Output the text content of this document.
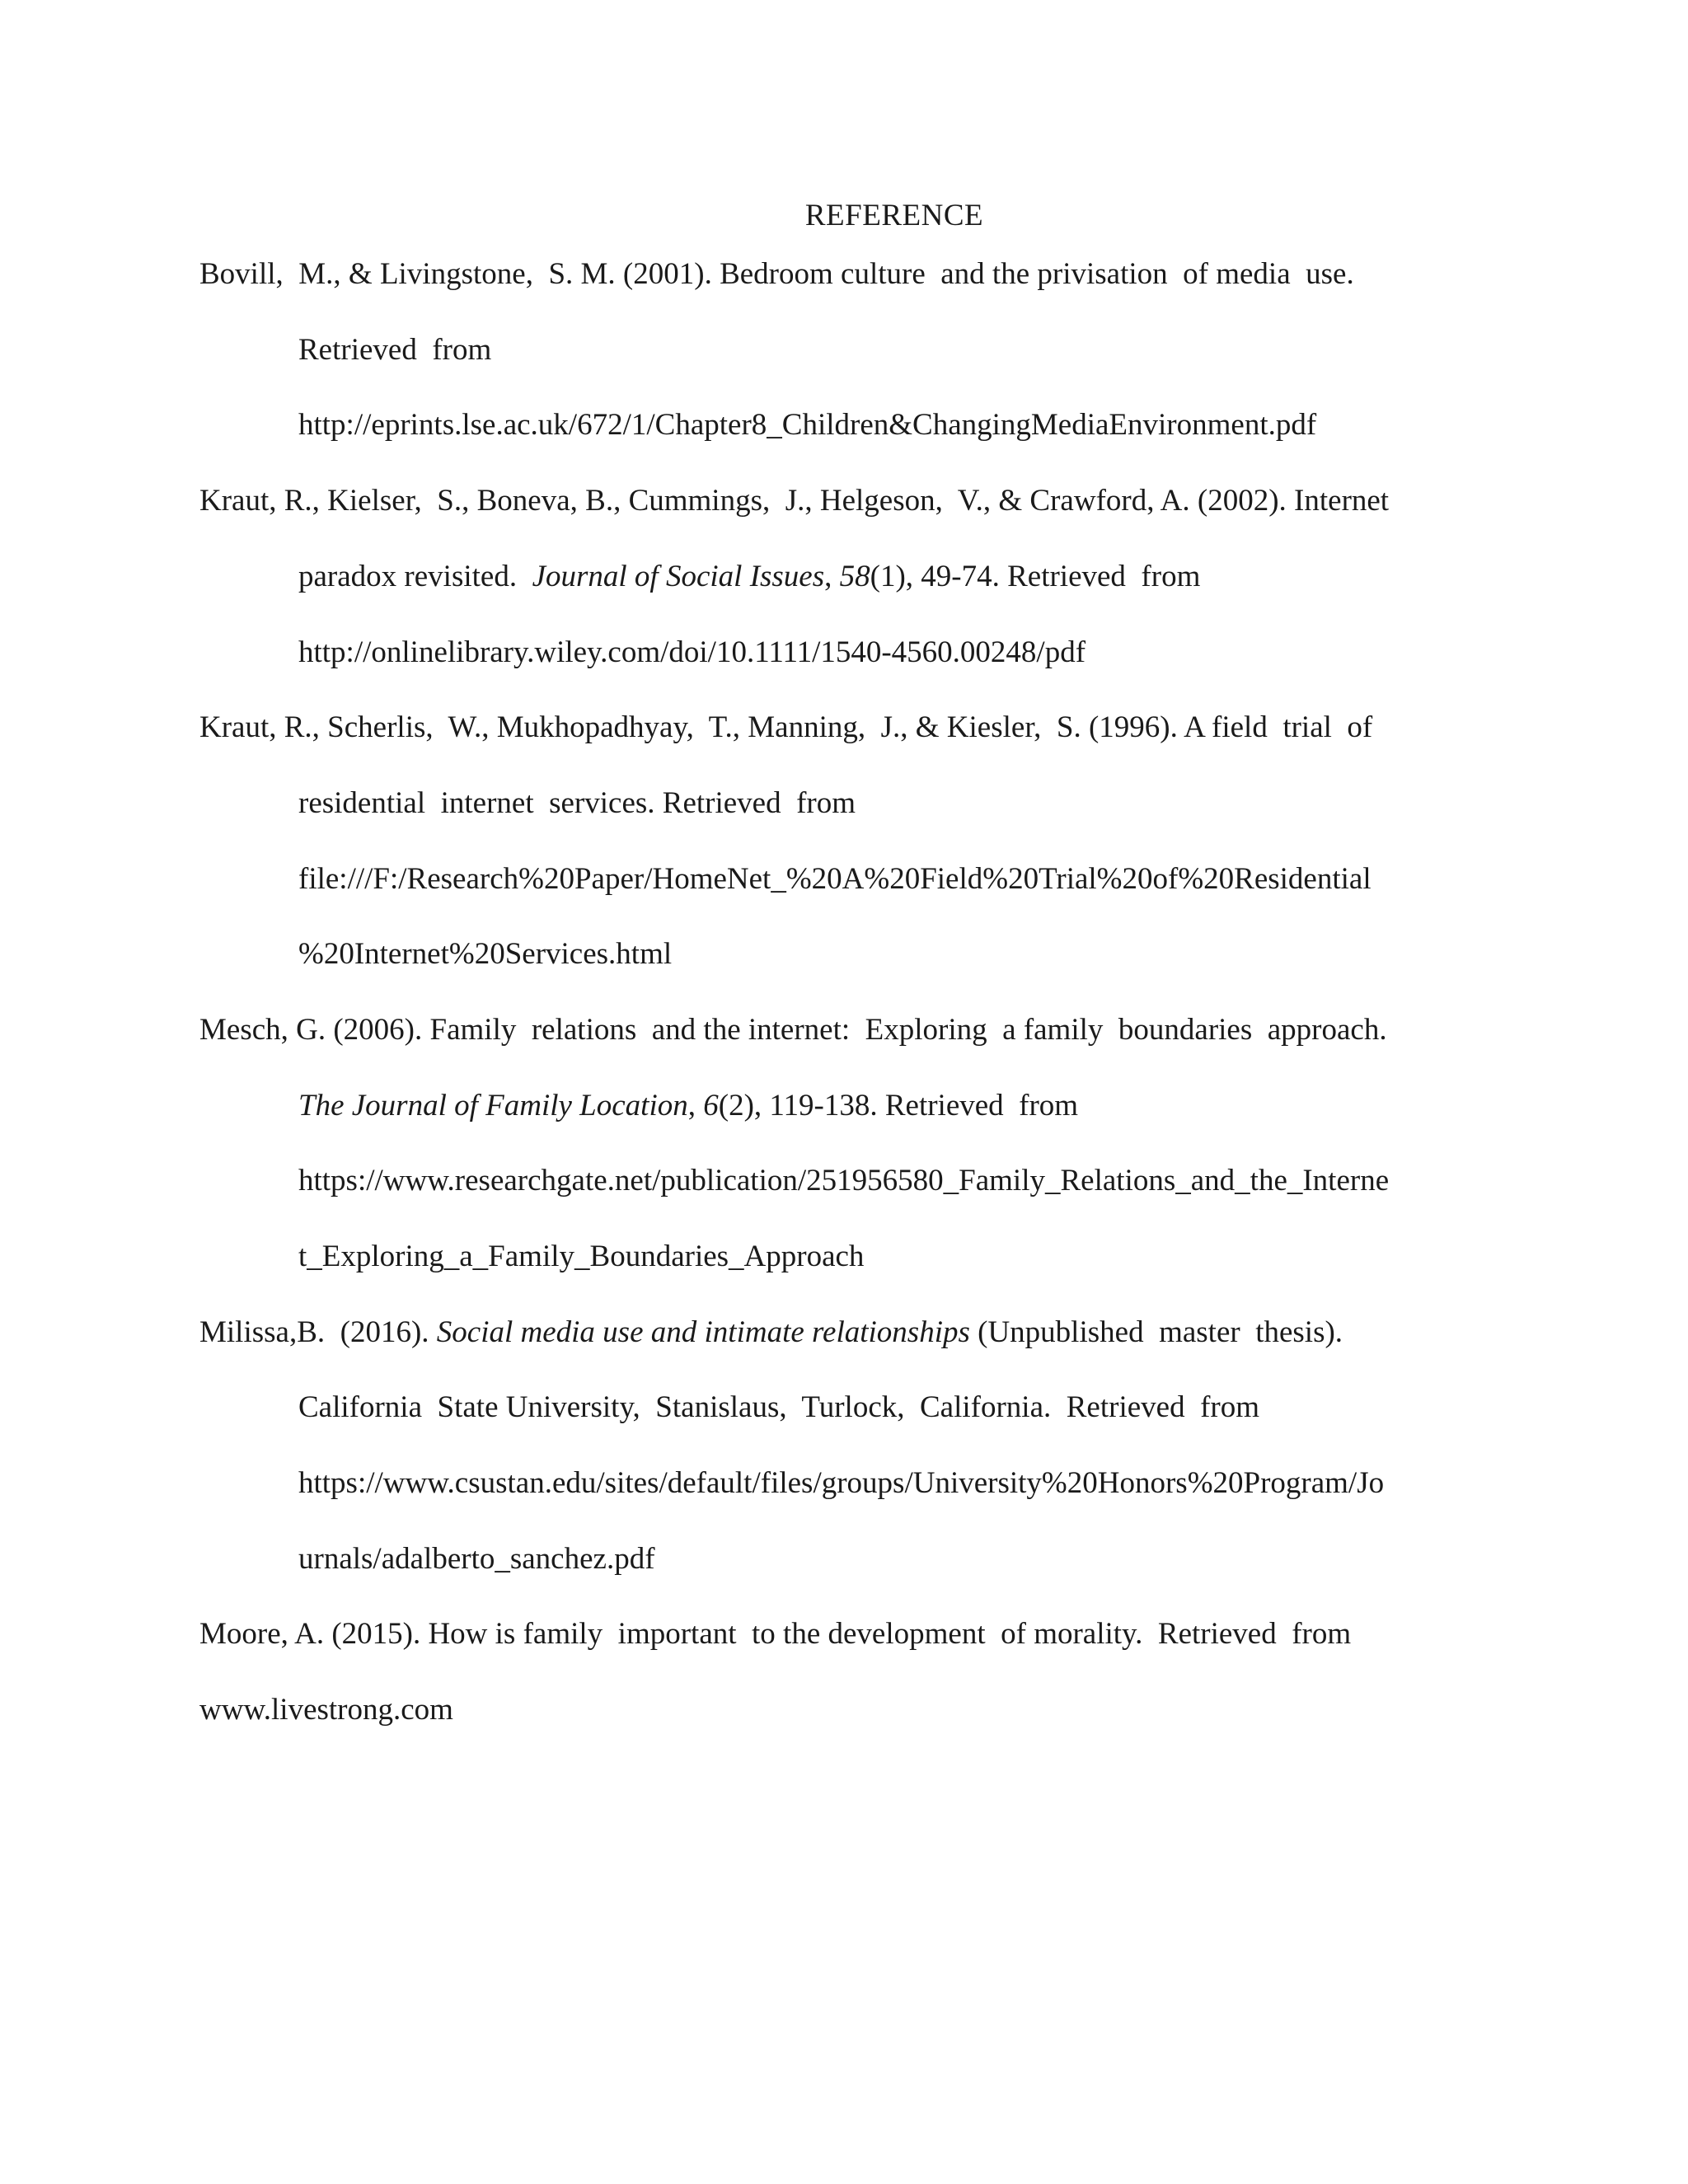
REFERENCE
Bovill,  M., & Livingstone,  S. M. (2001). Bedroom culture  and the privisation  of media  use.
Retrieved  from
http://eprints.lse.ac.uk/672/1/Chapter8_Children&ChangingMediaEnvironment.pdf
Kraut, R., Kielser,  S., Boneva, B., Cummings,  J., Helgeson,  V., & Crawford, A. (2002). Internet
paradox revisited.  Journal of Social Issues, 58(1), 49-74. Retrieved  from
http://onlinelibrary.wiley.com/doi/10.1111/1540-4560.00248/pdf
Kraut, R., Scherlis,  W., Mukhopadhyay,  T., Manning,  J., & Kiesler,  S. (1996). A field  trial  of
residential  internet  services. Retrieved  from
file:///F:/Research%20Paper/HomeNet_%20A%20Field%20Trial%20of%20Residential
%20Internet%20Services.html
Mesch, G. (2006). Family  relations  and the internet:  Exploring  a family  boundaries  approach.
The Journal of Family Location, 6(2), 119-138. Retrieved  from
https://www.researchgate.net/publication/251956580_Family_Relations_and_the_Interne
t_Exploring_a_Family_Boundaries_Approach
Milissa,B.  (2016). Social media use and intimate relationships (Unpublished  master  thesis).
California  State University,  Stanislaus,  Turlock,  California.  Retrieved  from
https://www.csustan.edu/sites/default/files/groups/University%20Honors%20Program/Jo
urnals/adalberto_sanchez.pdf
Moore, A. (2015). How is family  important  to the development  of morality.  Retrieved  from
www.livestrong.com
